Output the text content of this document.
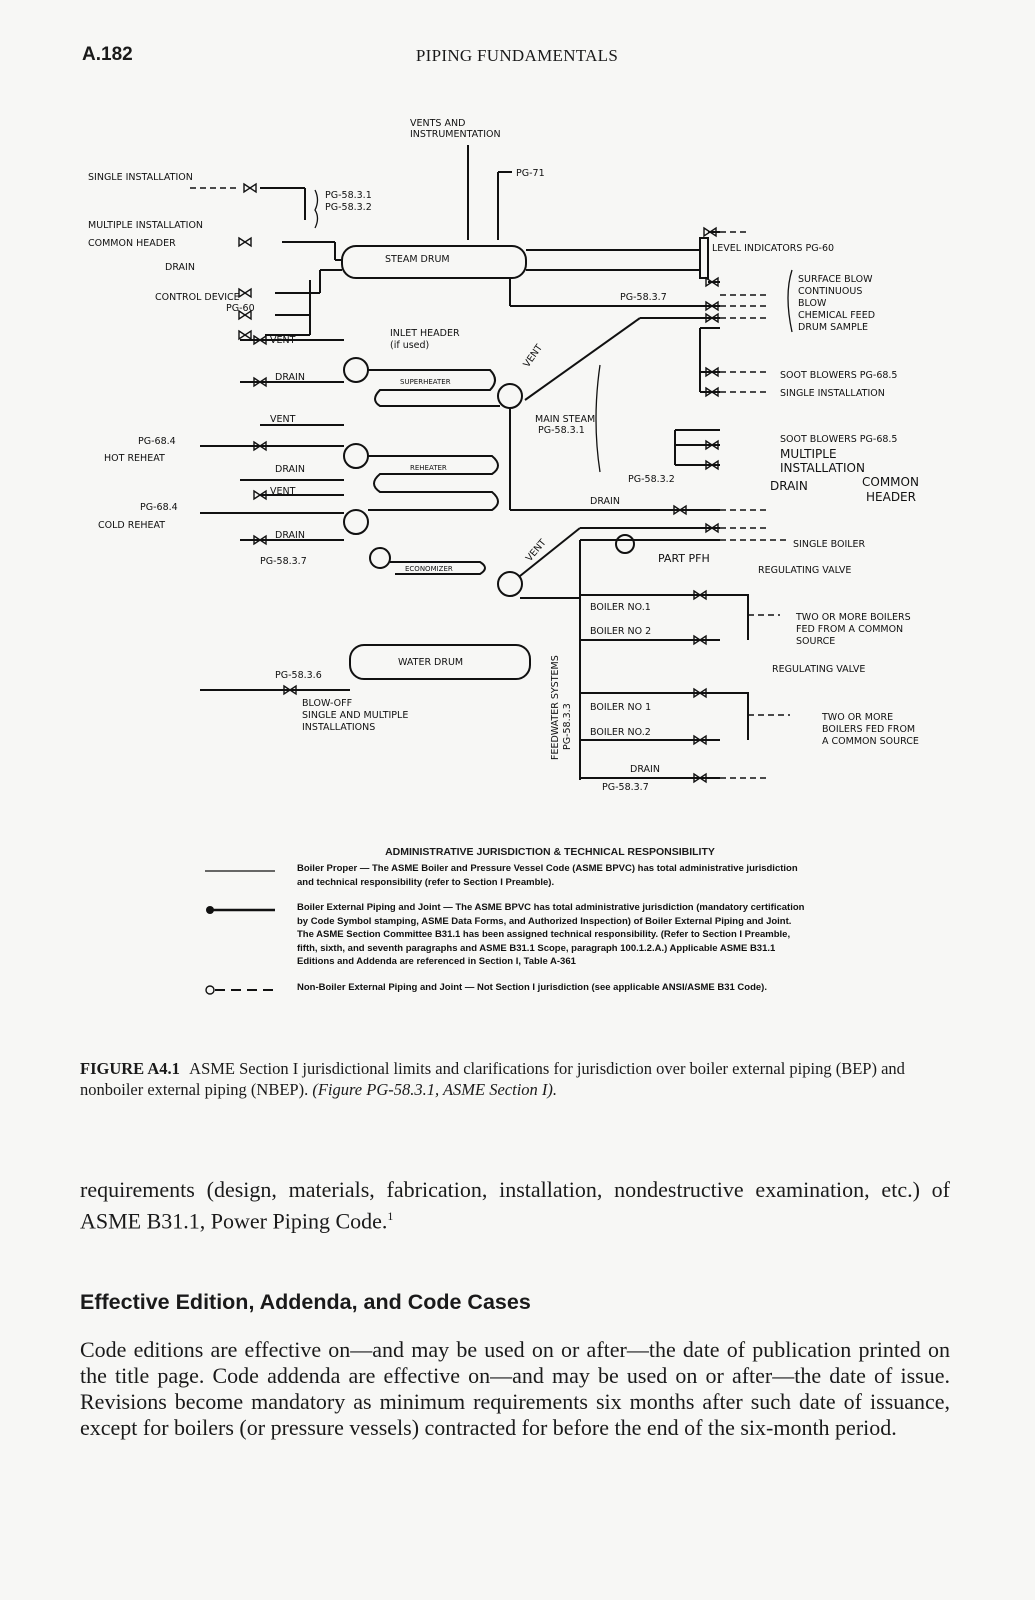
A.182	PIPING FUNDAMENTALS
VENTS AND
INSTRUMENTATION
PG-71
SINGLE INSTALLATION
PG-58.3.1
PG-58.3.2
MULTIPLE INSTALLATION
COMMON HEADER
DRAIN
CONTROL DEVICE
PG-60
STEAM DRUM
LEVEL INDICATORS PG-60
SURFACE BLOW
CONTINUOUS
BLOW
CHEMICAL FEED
DRUM SAMPLE
PG-58.3.7
VENT
INLET HEADER
(if used)
DRAIN	SUPERHEATER
VENT
SOOT BLOWERS PG-68.5
SINGLE INSTALLATION
MAIN STEAM
PG-58.3.1
PG-68.4
HOT REHEAT
VENT
DRAIN	REHEATER
SOOT BLOWERS PG-68.5
MULTIPLE
INSTALLATION
DRAIN	COMMON
HEADER
PG-58.3.2
VENT
PG-68.4
COLD REHEAT
DRAIN
DRAIN
PG-58.3.7
ECONOMIZER
VENT	SINGLE BOILER
PART PFH
REGULATING VALVE
BOILER NO.1
BOILER NO 2
TWO OR MORE BOILERS
FED FROM A COMMON
SOURCE
FEEDWATER SYSTEMS PG-58.3.3
PG-58.3.6
WATER DRUM
BLOW-OFF
SINGLE AND MULTIPLE
INSTALLATIONS
REGULATING VALVE
BOILER NO 1
BOILER NO.2
TWO OR MORE
BOILERS FED FROM
A COMMON SOURCE
DRAIN
PG-58.3.7
ADMINISTRATIVE JURISDICTION & TECHNICAL RESPONSIBILITY
Boiler Proper — The ASME Boiler and Pressure Vessel Code (ASME BPVC) has total administrative jurisdiction and technical responsibility (refer to Section I Preamble).
Boiler External Piping and Joint — The ASME BPVC has total administrative jurisdiction (mandatory certification by Code Symbol stamping, ASME Data Forms, and Authorized Inspection) of Boiler External Piping and Joint. The ASME Section Committee B31.1 has been assigned technical responsibility. (Refer to Section I Preamble, fifth, sixth, and seventh paragraphs and ASME B31.1 Scope, paragraph 100.1.2.A.) Applicable ASME B31.1 Editions and Addenda are referenced in Section I, Table A-361
Non-Boiler External Piping and Joint — Not Section I jurisdiction (see applicable ANSI/ASME B31 Code).
FIGURE A4.1 ASME Section I jurisdictional limits and clarifications for jurisdiction over boiler external piping (BEP) and nonboiler external piping (NBEP). (Figure PG-58.3.1, ASME Section I).
requirements (design, materials, fabrication, installation, nondestructive examination, etc.) of ASME B31.1, Power Piping Code.$^1$
Effective Edition, Addenda, and Code Cases
Code editions are effective on—and may be used on or after—the date of publication printed on the title page. Code addenda are effective on—and may be used on or after—the date of issue. Revisions become mandatory as minimum requirements six months after such date of issuance, except for boilers (or pressure vessels) contracted for before the end of the six-month period.
